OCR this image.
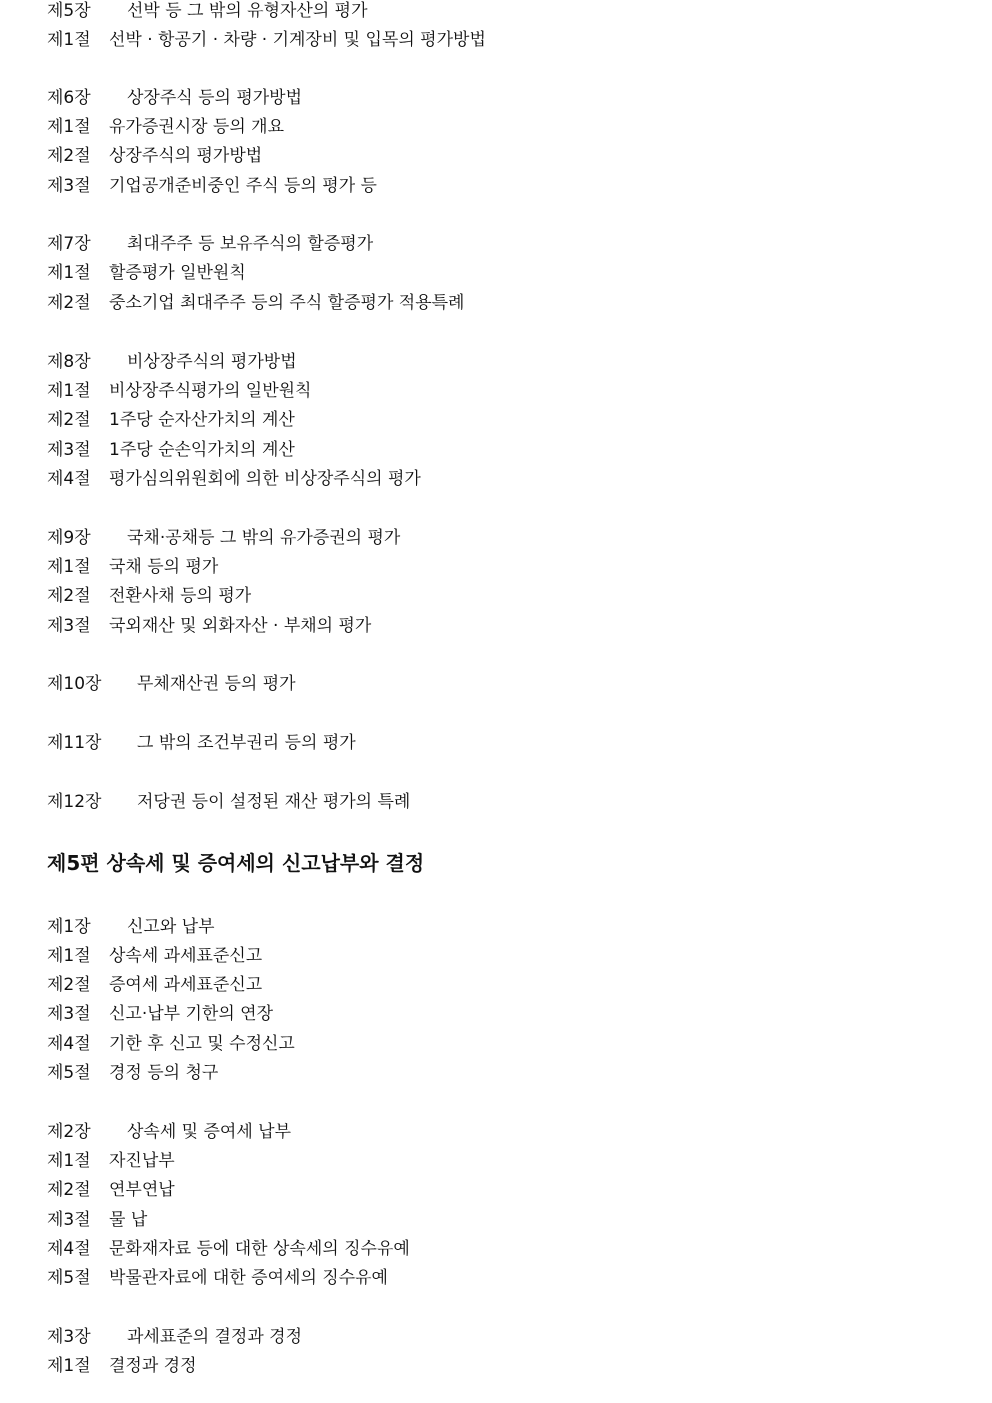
제5장 선박 등 그 밖의 유형자산의 평가
제1절 선박 · 항공기 · 차량 · 기계장비 및 입목의 평가방법
제6장 상장주식 등의 평가방법
제1절 유가증권시장 등의 개요
제2절 상장주식의 평가방법
제3절 기업공개준비중인 주식 등의 평가 등
제7장 최대주주 등 보유주식의 할증평가
제1절 할증평가 일반원칙
제2절 중소기업 최대주주 등의 주식 할증평가 적용특례
제8장 비상장주식의 평가방법
제1절 비상장주식평가의 일반원칙
제2절 1주당 순자산가치의 계산
제3절 1주당 순손익가치의 계산
제4절 평가심의위원회에 의한 비상장주식의 평가
제9장 국채·공채등 그 밖의 유가증권의 평가
제1절 국채 등의 평가
제2절 전환사채 등의 평가
제3절 국외재산 및 외화자산 · 부채의 평가
제10장 무체재산권 등의 평가
제11장 그 밖의 조건부권리 등의 평가
제12장 저당권 등이 설정된 재산 평가의 특례
제5편 상속세 및 증여세의 신고납부와 결정
제1장 신고와 납부
제1절 상속세 과세표준신고
제2절 증여세 과세표준신고
제3절 신고·납부 기한의 연장
제4절 기한 후 신고 및 수정신고
제5절 경정 등의 청구
제2장 상속세 및 증여세 납부
제1절 자진납부
제2절 연부연납
제3절 물 납
제4절 문화재자료 등에 대한 상속세의 징수유예
제5절 박물관자료에 대한 증여세의 징수유예
제3장 과세표준의 결정과 경정
제1절 결정과 경정
